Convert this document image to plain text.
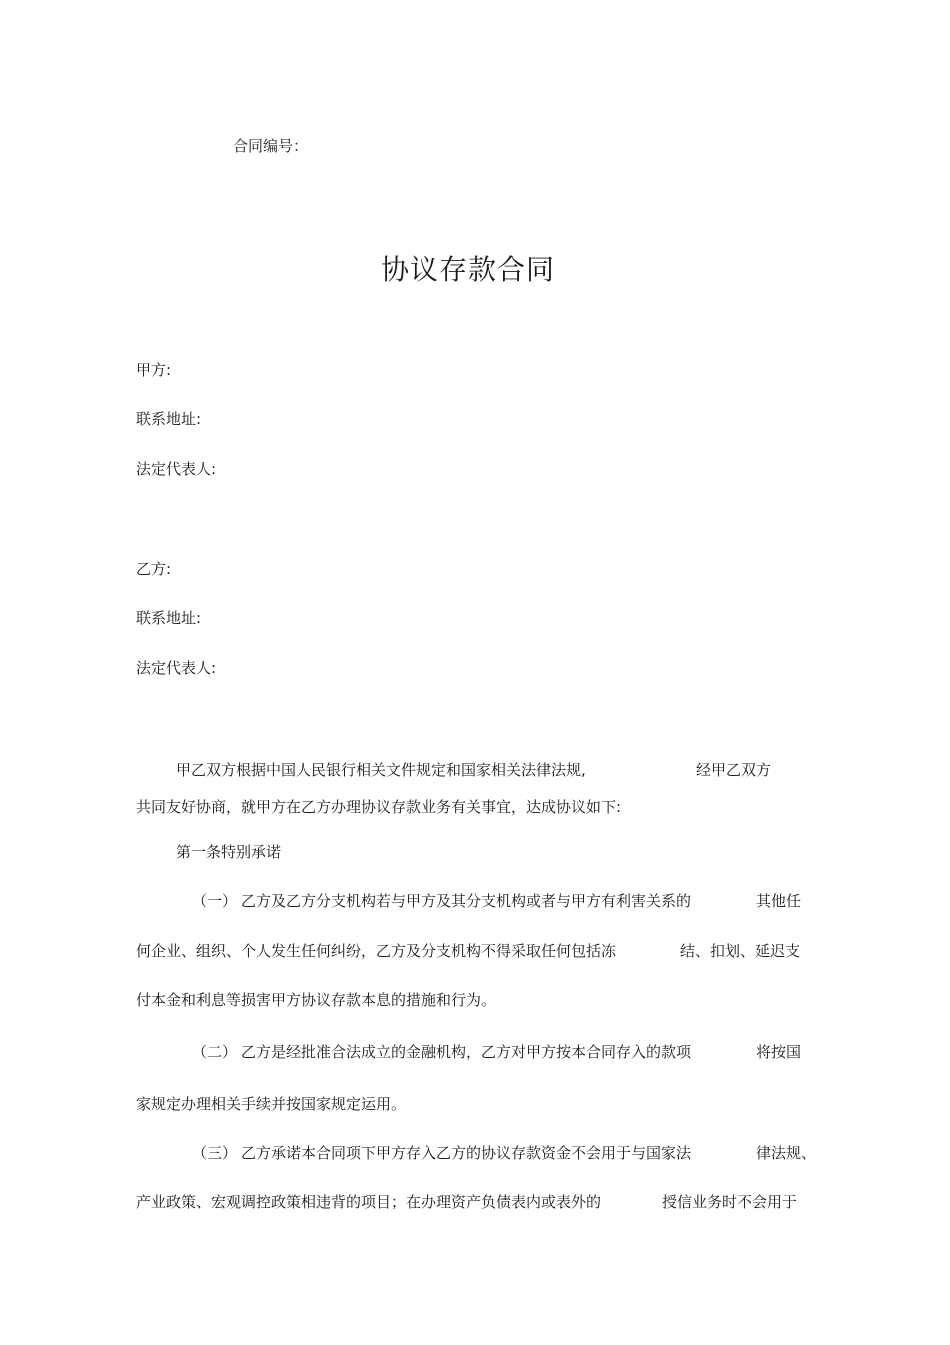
合同编号：
协议存款合同
甲方:
联系地址:
法定代表人:
乙方:
联系地址:
法定代表人:
甲乙双方根据中国人民银行相关文件规定和国家相关法律法规,	经甲乙双方
共同友好协商，就甲方在乙方办理协议存款业务有关事宜，达成协议如下:
第一条特别承诺
（一） 乙方及乙方分支机构若与甲方及其分支机构或者与甲方有利害关系的	其他任
何企业、组织、个人发生任何纠纷，乙方及分支机构不得采取任何包括冻	结、扣划、延迟支
付本金和利息等损害甲方协议存款本息的措施和行为。
（二） 乙方是经批准合法成立的金融机构，乙方对甲方按本合同存入的款项	将按国
家规定办理相关手续并按国家规定运用。
（三） 乙方承诺本合同项下甲方存入乙方的协议存款资金不会用于与国家法	律法规、
产业政策、宏观调控政策相违背的项目；在办理资产负债表内或表外的	授信业务时不会用于
